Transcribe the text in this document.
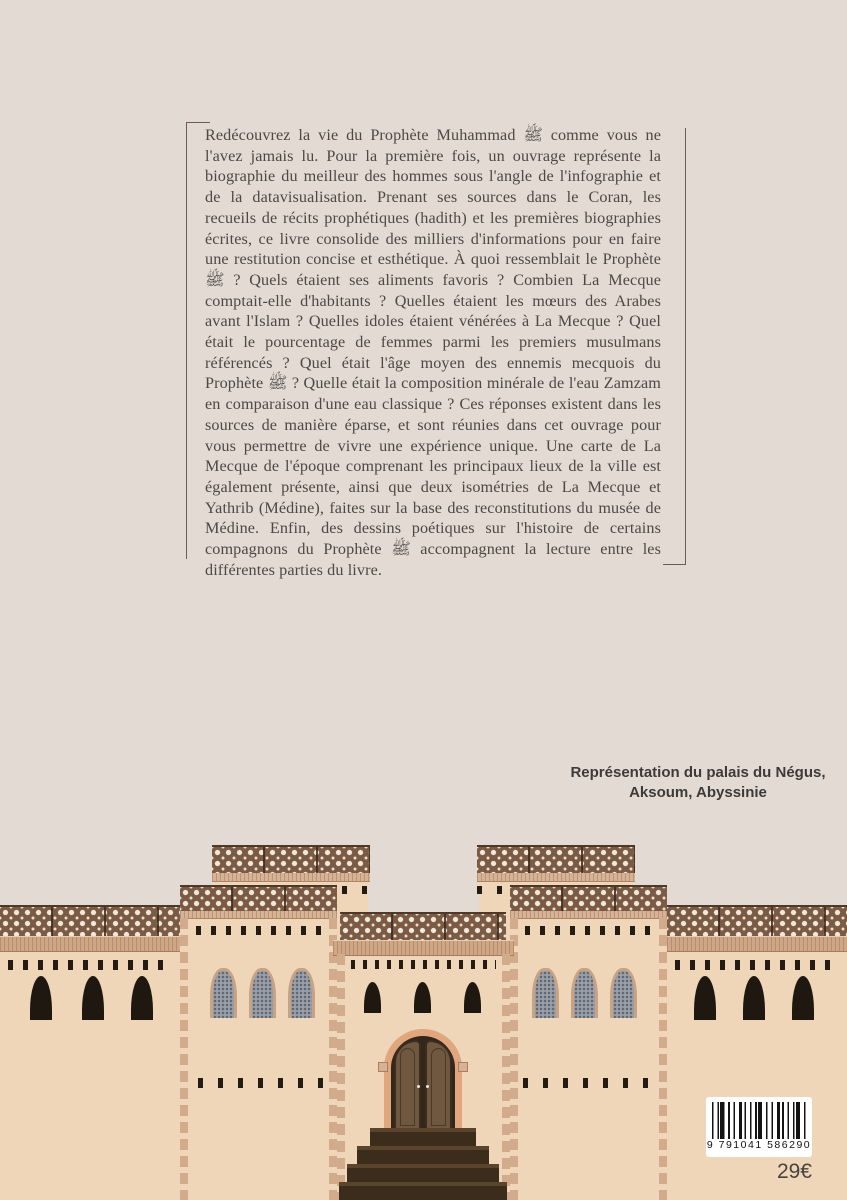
Redécouvrez la vie du Prophète Muhammad ﷺ comme vous ne l'avez jamais lu. Pour la première fois, un ouvrage représente la biographie du meilleur des hommes sous l'angle de l'infographie et de la datavisualisation. Prenant ses sources dans le Coran, les recueils de récits prophétiques (hadith) et les premières biographies écrites, ce livre consolide des milliers d'informations pour en faire une restitution concise et esthétique. À quoi ressemblait le Prophète ﷺ ? Quels étaient ses aliments favoris ? Combien La Mecque comptait-elle d'habitants ? Quelles étaient les mœurs des Arabes avant l'Islam ? Quelles idoles étaient vénérées à La Mecque ? Quel était le pourcentage de femmes parmi les premiers musulmans référencés ? Quel était l'âge moyen des ennemis mecquois du Prophète ﷺ ? Quelle était la composition minérale de l'eau Zamzam en comparaison d'une eau classique ? Ces réponses existent dans les sources de manière éparse, et sont réunies dans cet ouvrage pour vous permettre de vivre une expérience unique. Une carte de La Mecque de l'époque comprenant les principaux lieux de la ville est également présente, ainsi que deux isométries de La Mecque et Yathrib (Médine), faites sur la base des reconstitutions du musée de Médine. Enfin, des dessins poétiques sur l'histoire de certains compagnons du Prophète ﷺ accompagnent la lecture entre les différentes parties du livre.
Représentation du palais du Négus,
Aksoum, Abyssinie
9 791041 586290
29€
